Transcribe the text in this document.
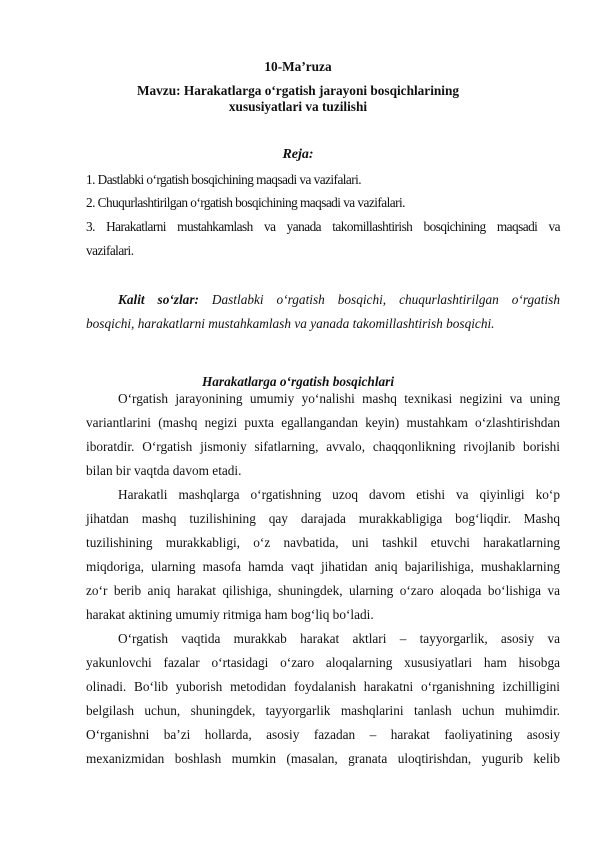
10-Ma’ruza
Mavzu: Harakatlarga o‘rgatish jarayoni bosqichlarining
xususiyatlari va tuzilishi
Reja:
1. Dastlabki o‘rgatish bosqichining maqsadi va vazifalari.
2. Chuqurlashtirilgan o‘rgatish bosqichining maqsadi va vazifalari.
3. Harakatlarni mustahkamlash va yanada takomillashtirish bosqichining maqsadi va
vazifalari.
Kalit so‘zlar: Dastlabki o‘rgatish bosqichi, chuqurlashtirilgan o‘rgatish
bosqichi, harakatlarni mustahkamlash va yanada takomillashtirish bosqichi.
Harakatlarga o‘rgatish bosqichlari
O‘rgatish jarayonining umumiy yo‘nalishi mashq texnikasi negizini va uning
variantlarini (mashq negizi puxta egallangandan keyin) mustahkam o‘zlashtirishdan
iboratdir. O‘rgatish jismoniy sifatlarning, avvalo, chaqqonlikning rivojlanib borishi
bilan bir vaqtda davom etadi.
Harakatli mashqlarga o‘rgatishning uzoq davom etishi va qiyinligi ko‘p
jihatdan mashq tuzilishining qay darajada murakkabligiga bog‘liqdir. Mashq
tuzilishining murakkabligi, o‘z navbatida, uni tashkil etuvchi harakatlarning
miqdoriga, ularning masofa hamda vaqt jihatidan aniq bajarilishiga, mushaklarning
zo‘r berib aniq harakat qilishiga, shuningdek, ularning o‘zaro aloqada bo‘lishiga va
harakat aktining umumiy ritmiga ham bog‘liq bo‘ladi.
O‘rgatish vaqtida murakkab harakat aktlari – tayyorgarlik, asosiy va
yakunlovchi fazalar o‘rtasidagi o‘zaro aloqalarning xususiyatlari ham hisobga
olinadi. Bo‘lib yuborish metodidan foydalanish harakatni o‘rganishning izchilligini
belgilash uchun, shuningdek, tayyorgarlik mashqlarini tanlash uchun muhimdir.
O‘rganishni ba’zi hollarda, asosiy fazadan – harakat faoliyatining asosiy
mexanizmidan boshlash mumkin (masalan, granata uloqtirishdan, yugurib kelib
